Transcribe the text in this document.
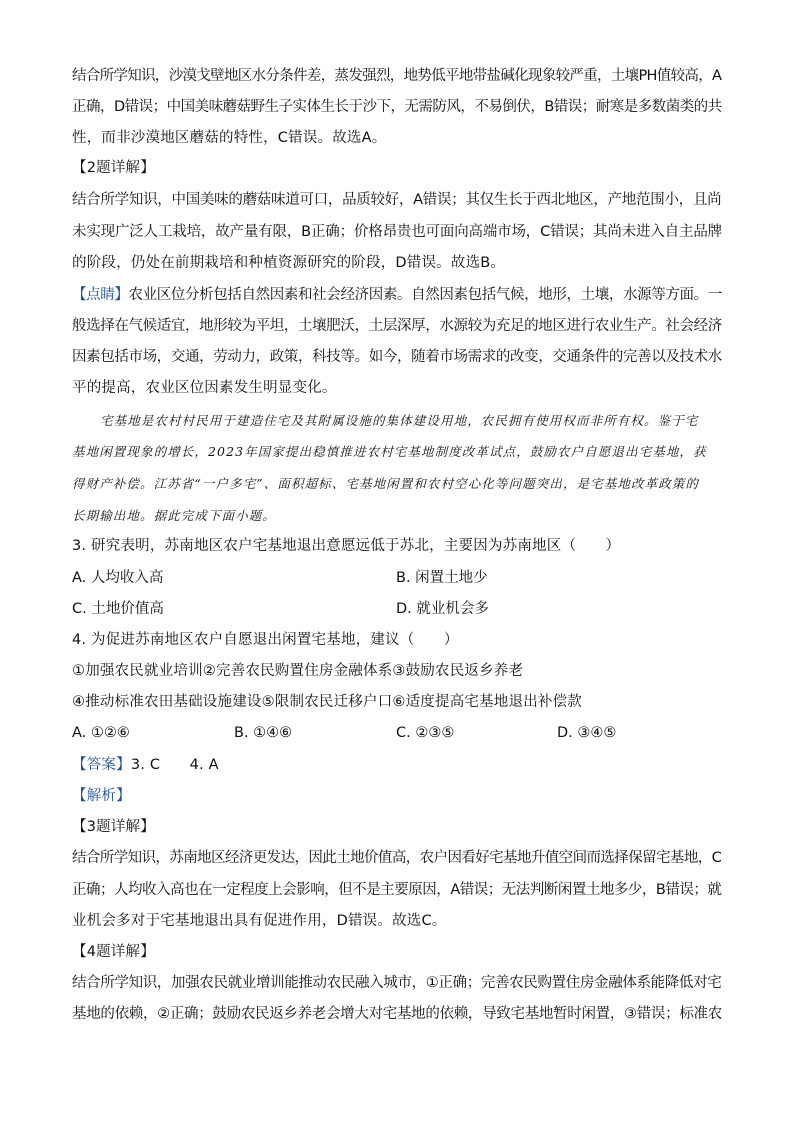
结合所学知识，沙漠戈壁地区水分条件差，蒸发强烈，地势低平地带盐碱化现象较严重，土壤PH值较高，A
正确，D错误；中国美味蘑菇野生子实体生长于沙下，无需防风，不易倒伏，B错误；耐寒是多数菌类的共
性，而非沙漠地区蘑菇的特性，C错误。故选A。
【2题详解】
结合所学知识，中国美味的蘑菇味道可口，品质较好，A错误；其仅生长于西北地区，产地范围小，且尚
未实现广泛人工栽培，故产量有限，B正确；价格昂贵也可面向高端市场，C错误；其尚未进入自主品牌
的阶段，仍处在前期栽培和种植资源研究的阶段，D错误。故选B。
【点睛】农业区位分析包括自然因素和社会经济因素。自然因素包括气候，地形，土壤，水源等方面。一
般选择在气候适宜，地形较为平坦，土壤肥沃，土层深厚，水源较为充足的地区进行农业生产。社会经济
因素包括市场，交通，劳动力，政策，科技等。如今，随着市场需求的改变，交通条件的完善以及技术水
平的提高，农业区位因素发生明显变化。
宅基地是农村村民用于建造住宅及其附属设施的集体建设用地，农民拥有使用权而非所有权。鉴于宅
基地闲置现象的增长，2023年国家提出稳慎推进农村宅基地制度改革试点，鼓励农户自愿退出宅基地，获
得财产补偿。江苏省“一户多宅”、面积超标、宅基地闲置和农村空心化等问题突出，是宅基地改革政策的
长期输出地。据此完成下面小题。
3. 研究表明，苏南地区农户宅基地退出意愿远低于苏北，主要因为苏南地区（　　）
A. 人均收入高	B. 闲置土地少
C. 土地价值高	D. 就业机会多
4. 为促进苏南地区农户自愿退出闲置宅基地，建议（　　）
①加强农民就业培训②完善农民购置住房金融体系③鼓励农民返乡养老
④推动标准农田基础设施建设⑤限制农民迁移户口⑥适度提高宅基地退出补偿款
A. ①②⑥	B. ①④⑥	C. ②③⑤	D. ③④⑤
【答案】3. C　　4. A
【解析】
【3题详解】
结合所学知识，苏南地区经济更发达，因此土地价值高，农户因看好宅基地升值空间而选择保留宅基地，C
正确；人均收入高也在一定程度上会影响，但不是主要原因，A错误；无法判断闲置土地多少，B错误；就
业机会多对于宅基地退出具有促进作用，D错误。故选C。
【4题详解】
结合所学知识，加强农民就业增训能推动农民融入城市，①正确；完善农民购置住房金融体系能降低对宅
基地的依赖，②正确；鼓励农民返乡养老会增大对宅基地的依赖，导致宅基地暂时闲置，③错误；标准农
